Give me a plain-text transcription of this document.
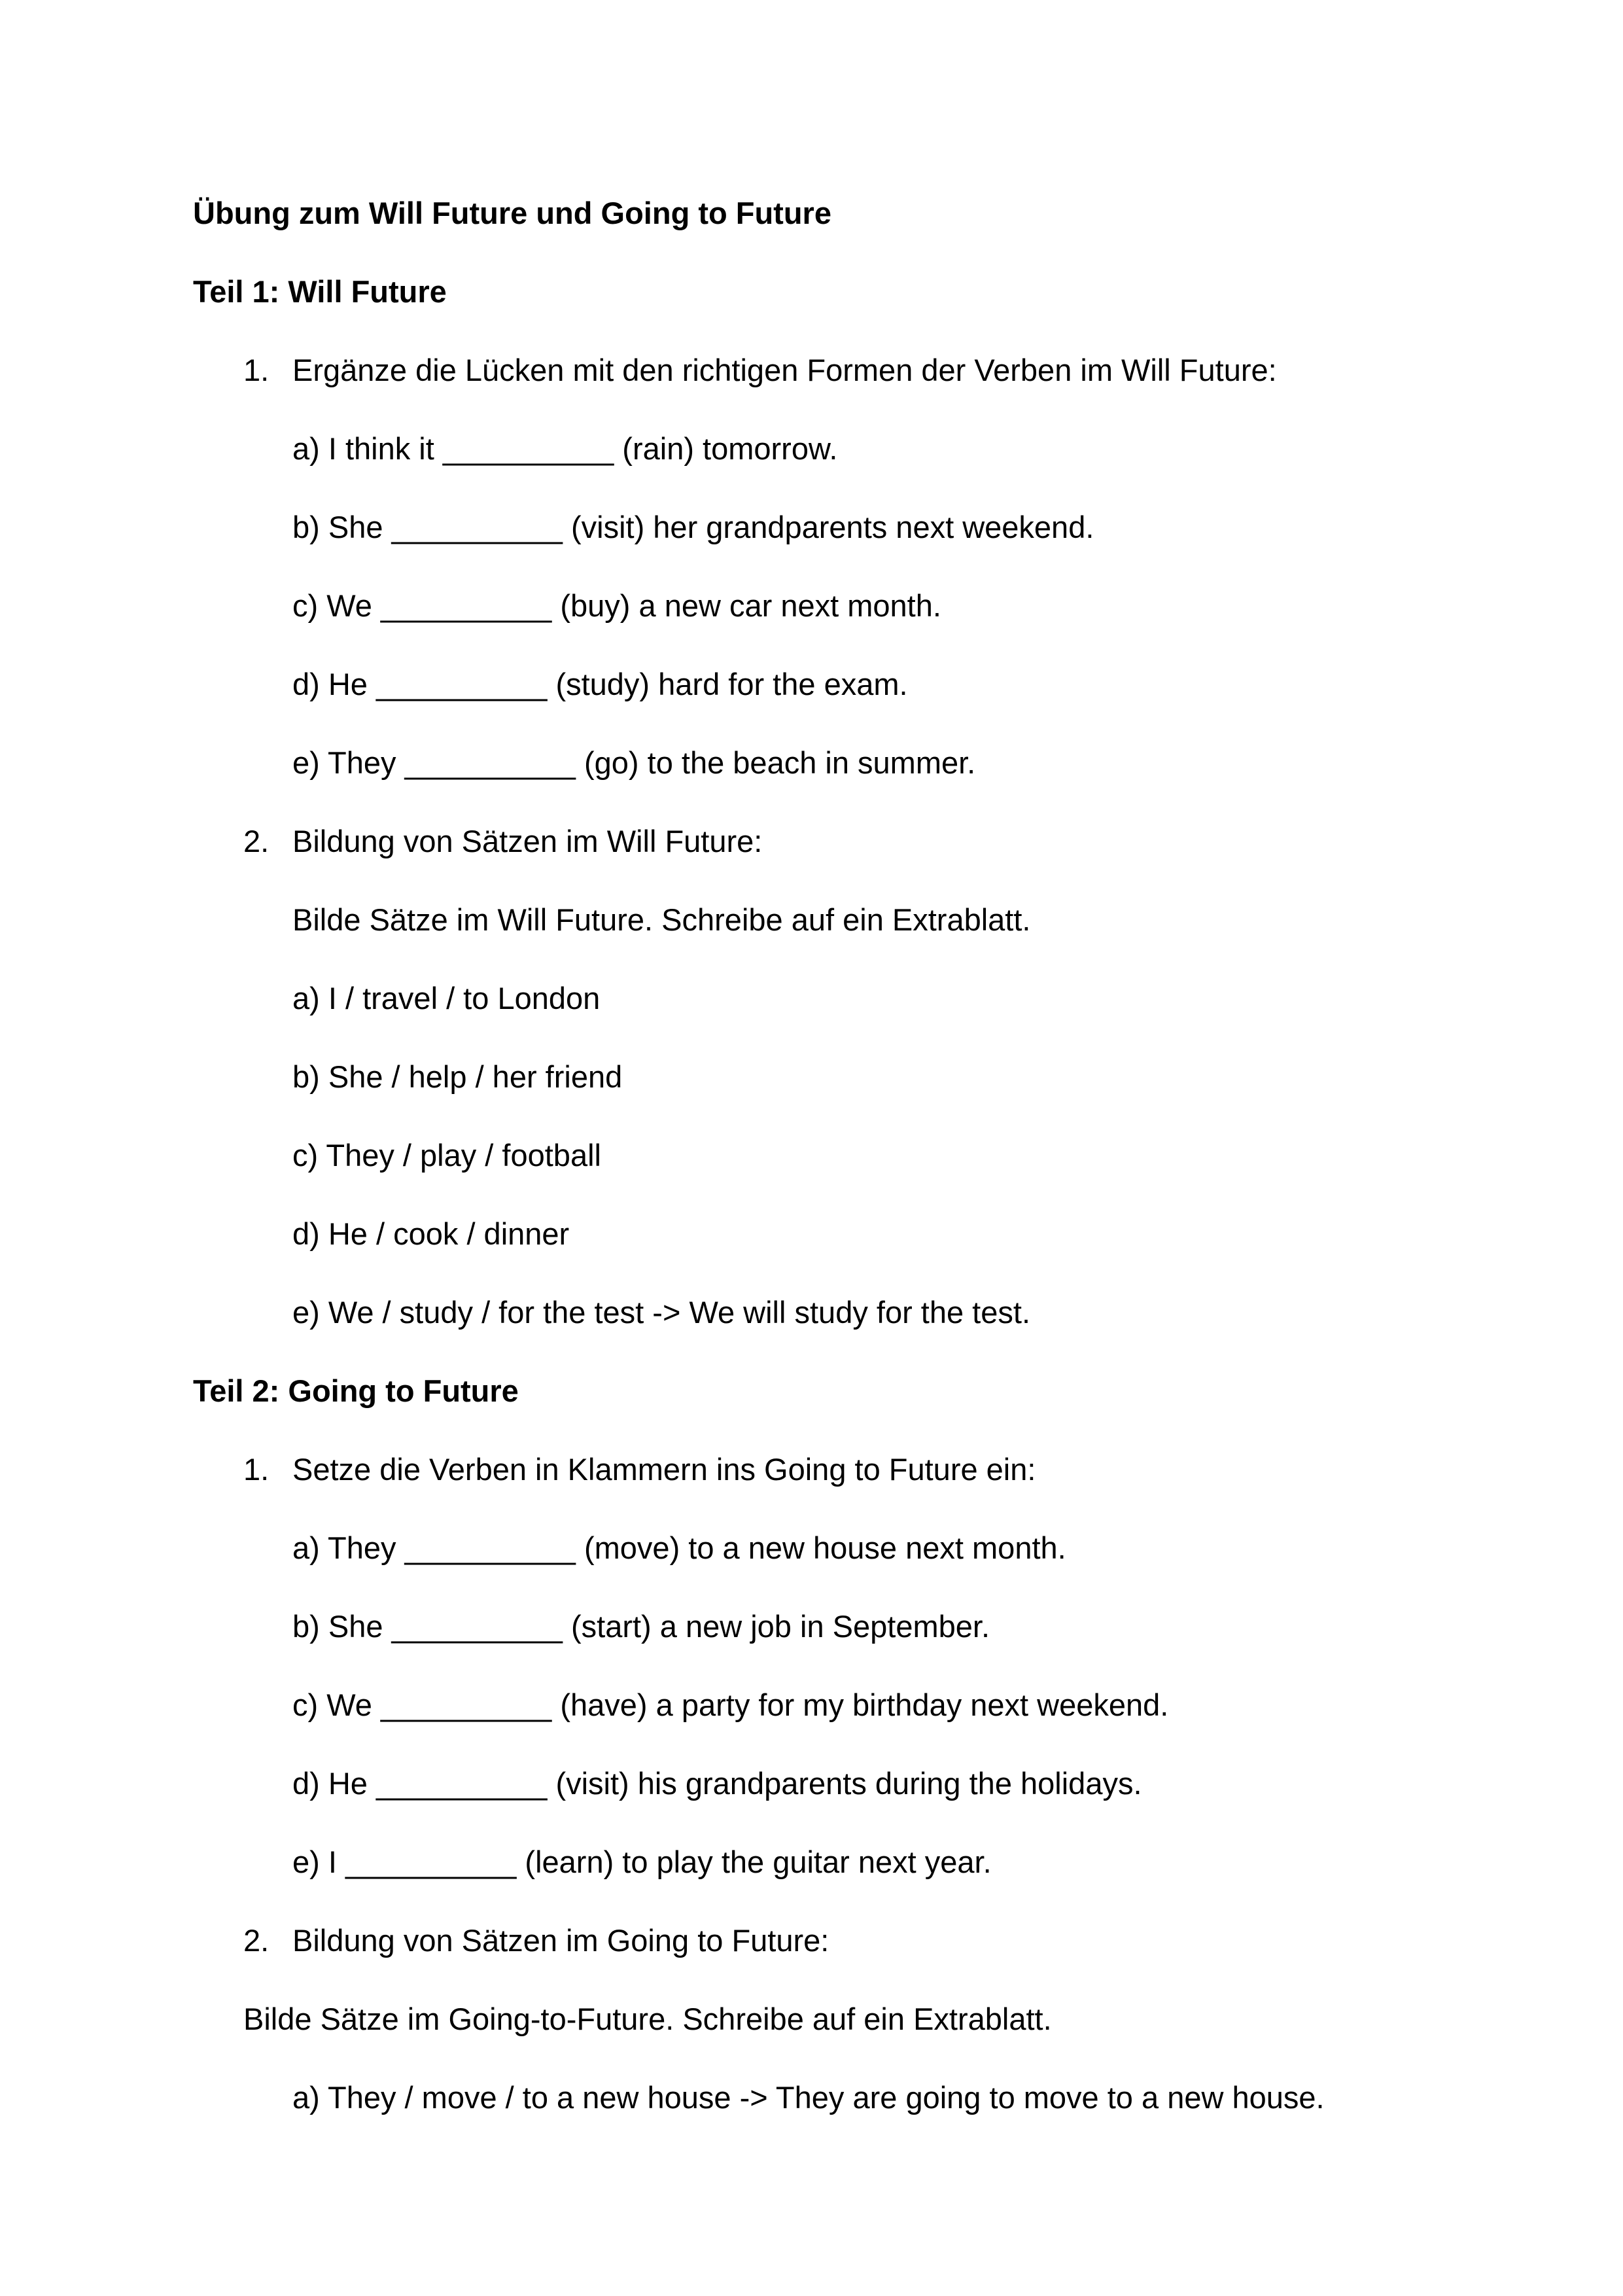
Übung zum Will Future und Going to Future
Teil 1: Will Future
1. Ergänze die Lücken mit den richtigen Formen der Verben im Will Future:
a) I think it __________ (rain) tomorrow.
b) She __________ (visit) her grandparents next weekend.
c) We __________ (buy) a new car next month.
d) He __________ (study) hard for the exam.
e) They __________ (go) to the beach in summer.
2. Bildung von Sätzen im Will Future:
Bilde Sätze im Will Future. Schreibe auf ein Extrablatt.
a) I / travel / to London
b) She / help / her friend
c) They / play / football
d) He / cook / dinner
e) We / study / for the test -> We will study for the test.
Teil 2: Going to Future
1. Setze die Verben in Klammern ins Going to Future ein:
a) They __________ (move) to a new house next month.
b) She __________ (start) a new job in September.
c) We __________ (have) a party for my birthday next weekend.
d) He __________ (visit) his grandparents during the holidays.
e) I __________ (learn) to play the guitar next year.
2. Bildung von Sätzen im Going to Future:
Bilde Sätze im Going-to-Future. Schreibe auf ein Extrablatt.
a) They / move / to a new house -> They are going to move to a new house.
